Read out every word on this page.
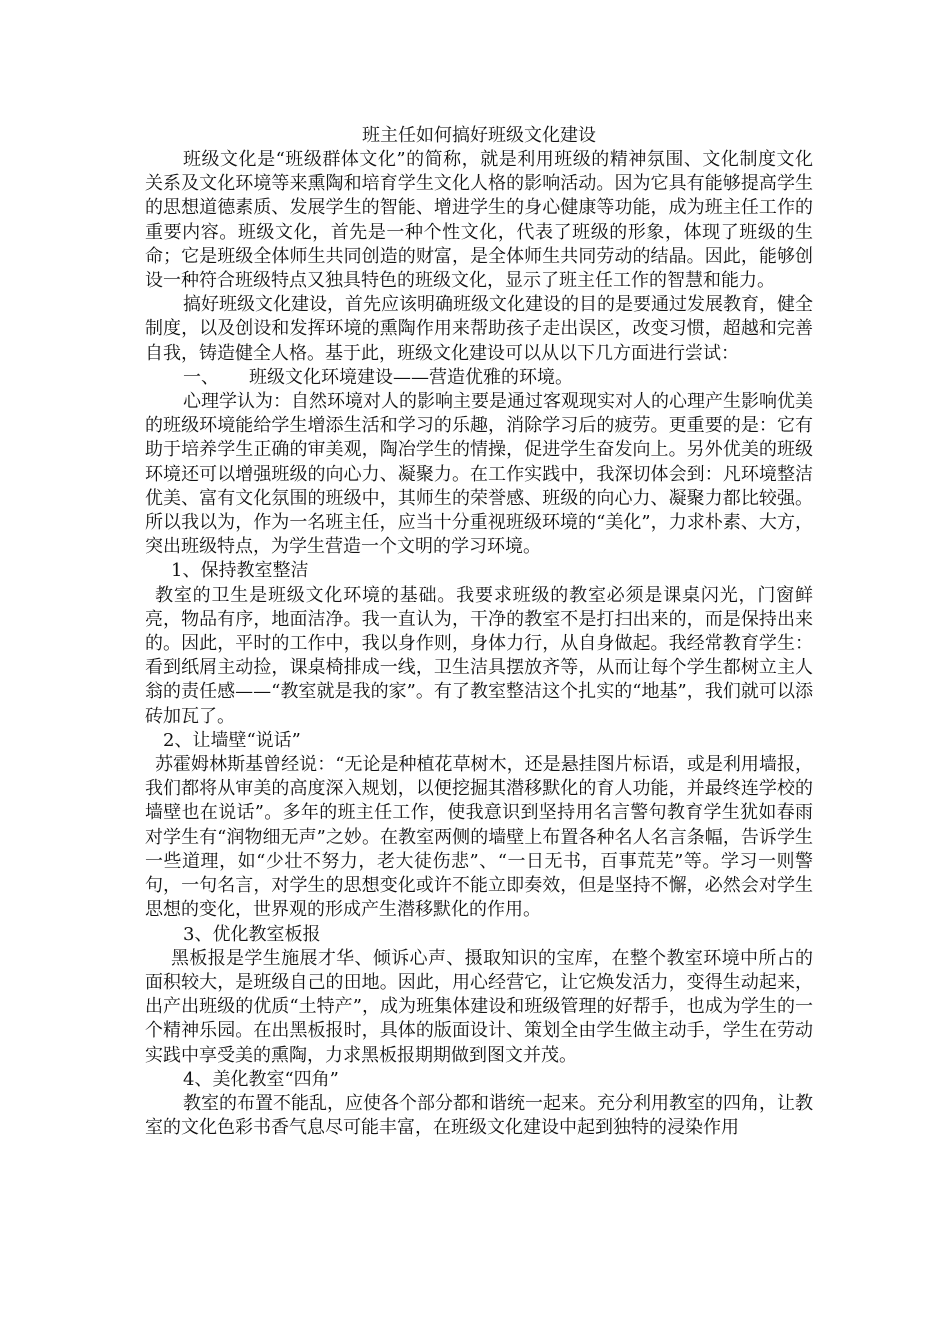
班主任如何搞好班级文化建设

班级文化是“班级群体文化”的简称，就是利用班级的精神氛围、文化制度文化关系及文化环境等来熏陶和培育学生文化人格的影响活动。因为它具有能够提高学生的思想道德素质、发展学生的智能、增进学生的身心健康等功能，成为班主任工作的重要内容。班级文化，首先是一种个性文化，代表了班级的形象，体现了班级的生命；它是班级全体师生共同创造的财富，是全体师生共同劳动的结晶。因此，能够创设一种符合班级特点又独具特色的班级文化，显示了班主任工作的智慧和能力。

搞好班级文化建设，首先应该明确班级文化建设的目的是要通过发展教育，健全制度，以及创设和发挥环境的熏陶作用来帮助孩子走出误区，改变习惯，超越和完善自我，铸造健全人格。基于此，班级文化建设可以从以下几方面进行尝试：

一、 班级文化环境建设——营造优雅的环境。

心理学认为：自然环境对人的影响主要是通过客观现实对人的心理产生影响优美的班级环境能给学生增添生活和学习的乐趣，消除学习后的疲劳。更重要的是：它有助于培养学生正确的审美观，陶冶学生的情操，促进学生奋发向上。另外优美的班级环境还可以增强班级的向心力、凝聚力。在工作实践中，我深切体会到：凡环境整洁优美、富有文化氛围的班级中，其师生的荣誉感、班级的向心力、凝聚力都比较强。所以我以为，作为一名班主任，应当十分重视班级环境的“美化”，力求朴素、大方，突出班级特点，为学生营造一个文明的学习环境。

1、保持教室整洁

教室的卫生是班级文化环境的基础。我要求班级的教室必须是课桌闪光，门窗鲜亮，物品有序，地面洁净。我一直认为，干净的教室不是打扫出来的，而是保持出来的。因此，平时的工作中，我以身作则，身体力行，从自身做起。我经常教育学生：看到纸屑主动捡，课桌椅排成一线，卫生洁具摆放齐等，从而让每个学生都树立主人翁的责任感——“教室就是我的家”。有了教室整洁这个扎实的“地基”，我们就可以添砖加瓦了。

2、让墙壁“说话”

苏霍姆林斯基曾经说：“无论是种植花草树木，还是悬挂图片标语，或是利用墙报，我们都将从审美的高度深入规划，以便挖掘其潜移默化的育人功能，并最终连学校的墙壁也在说话”。多年的班主任工作，使我意识到坚持用名言警句教育学生犹如春雨对学生有“润物细无声”之妙。在教室两侧的墙壁上布置各种名人名言条幅，告诉学生一些道理，如“少壮不努力，老大徒伤悲”、“一日无书，百事荒芜”等。学习一则警句，一句名言，对学生的思想变化或许不能立即奏效，但是坚持不懈，必然会对学生思想的变化，世界观的形成产生潜移默化的作用。

3、优化教室板报

黑板报是学生施展才华、倾诉心声、摄取知识的宝库，在整个教室环境中所占的面积较大，是班级自己的田地。因此，用心经营它，让它焕发活力，变得生动起来，出产出班级的优质“土特产”，成为班集体建设和班级管理的好帮手，也成为学生的一个精神乐园。在出黑板报时，具体的版面设计、策划全由学生做主动手，学生在劳动实践中享受美的熏陶，力求黑板报期期做到图文并茂。

4、美化教室“四角”

教室的布置不能乱，应使各个部分都和谐统一起来。充分利用教室的四角，让教室的文化色彩书香气息尽可能丰富，在班级文化建设中起到独特的浸染作用
